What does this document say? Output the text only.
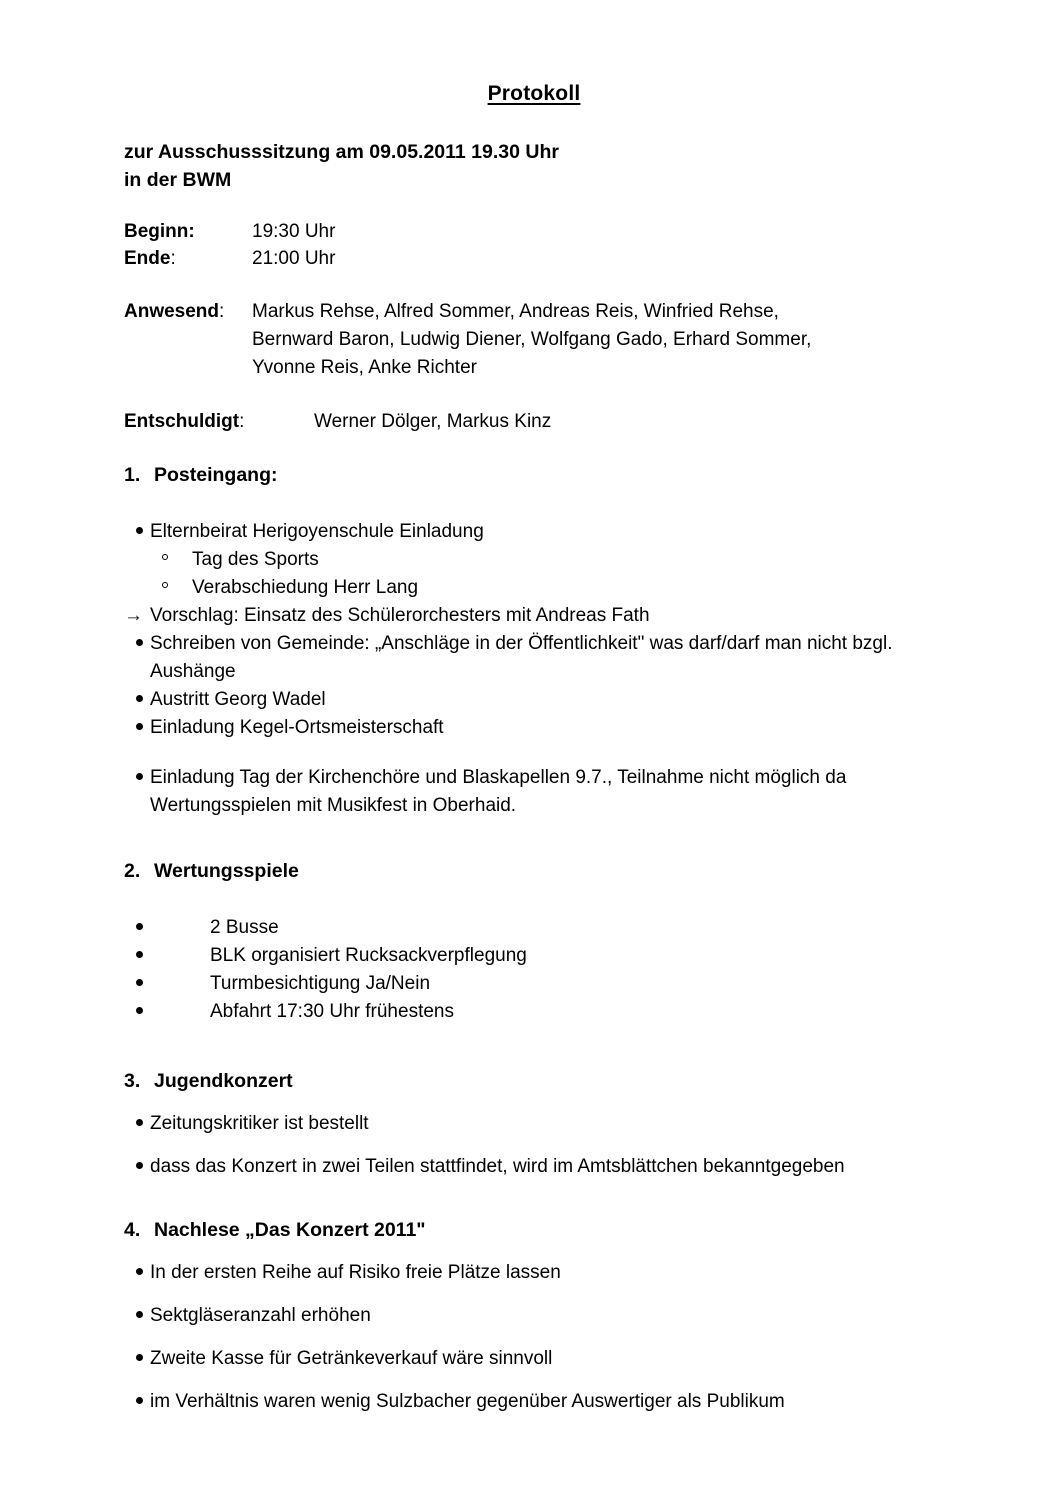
Protokoll
zur Ausschusssitzung am 09.05.2011 19.30 Uhr
in der BWM
Beginn:	19:30 Uhr
Ende:	21:00 Uhr
Anwesend:	Markus Rehse, Alfred Sommer, Andreas Reis, Winfried Rehse,
Bernward Baron, Ludwig Diener, Wolfgang Gado, Erhard Sommer,
Yvonne Reis, Anke Richter
Entschuldigt:	Werner Dölger, Markus Kinz
1. Posteingang:
Elternbeirat Herigoyenschule Einladung
Tag des Sports
Verabschiedung Herr Lang
→ Vorschlag: Einsatz des Schülerorchesters mit Andreas Fath
Schreiben von Gemeinde: „Anschläge in der Öffentlichkeit" was darf/darf man nicht bzgl. Aushänge
Austritt Georg Wadel
Einladung Kegel-Ortsmeisterschaft
Einladung Tag der Kirchenchöre und Blaskapellen 9.7., Teilnahme nicht möglich da Wertungsspielen mit Musikfest in Oberhaid.
2. Wertungsspiele
2 Busse
BLK organisiert Rucksackverpflegung
Turmbesichtigung Ja/Nein
Abfahrt 17:30 Uhr frühestens
3. Jugendkonzert
Zeitungskritiker ist bestellt
dass das Konzert in zwei Teilen stattfindet, wird im Amtsblättchen bekanntgegeben
4. Nachlese „Das Konzert 2011"
In der ersten Reihe auf Risiko freie Plätze lassen
Sektgläseranzahl erhöhen
Zweite Kasse für Getränkeverkauf wäre sinnvoll
im Verhältnis waren wenig Sulzbacher gegenüber Auswertiger als Publikum
